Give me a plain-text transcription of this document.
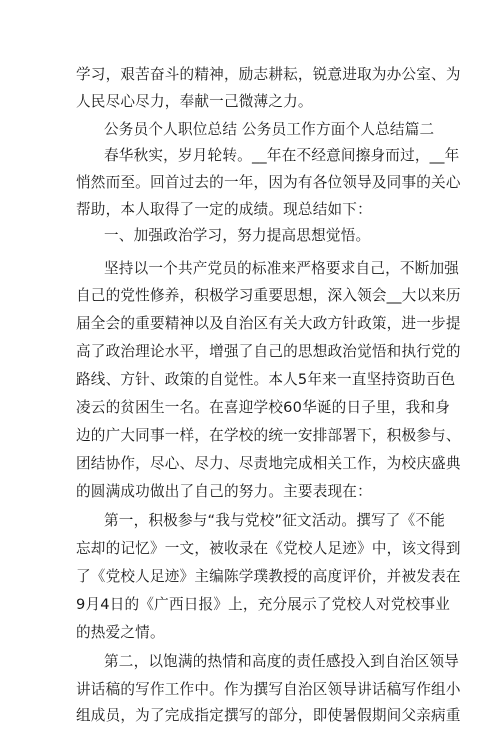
学习，艰苦奋斗的精神，励志耕耘，锐意进取为办公室、为
人民尽心尽力，奉献一己微薄之力。
公务员个人职位总结 公务员工作方面个人总结篇二
春华秋实，岁月轮转。__年在不经意间擦身而过，__年
悄然而至。回首过去的一年，因为有各位领导及同事的关心
帮助，本人取得了一定的成绩。现总结如下：
一、加强政治学习，努力提高思想觉悟。
坚持以一个共产党员的标准来严格要求自己，不断加强
自己的党性修养，积极学习重要思想，深入领会__大以来历
届全会的重要精神以及自治区有关大政方针政策，进一步提
高了政治理论水平，增强了自己的思想政治觉悟和执行党的
路线、方针、政策的自觉性。本人5年来一直坚持资助百色
凌云的贫困生一名。在喜迎学校60华诞的日子里，我和身
边的广大同事一样，在学校的统一安排部署下，积极参与、
团结协作，尽心、尽力、尽责地完成相关工作，为校庆盛典
的圆满成功做出了自己的努力。主要表现在：
第一，积极参与“我与党校”征文活动。撰写了《不能
忘却的记忆》一文，被收录在《党校人足迹》中，该文得到
了《党校人足迹》主编陈学璞教授的高度评价，并被发表在
9月4日的《广西日报》上，充分展示了党校人对党校事业
的热爱之情。
第二，以饱满的热情和高度的责任感投入到自治区领导
讲话稿的写作工作中。作为撰写自治区领导讲话稿写作组小
组成员，为了完成指定撰写的部分，即使暑假期间父亲病重
